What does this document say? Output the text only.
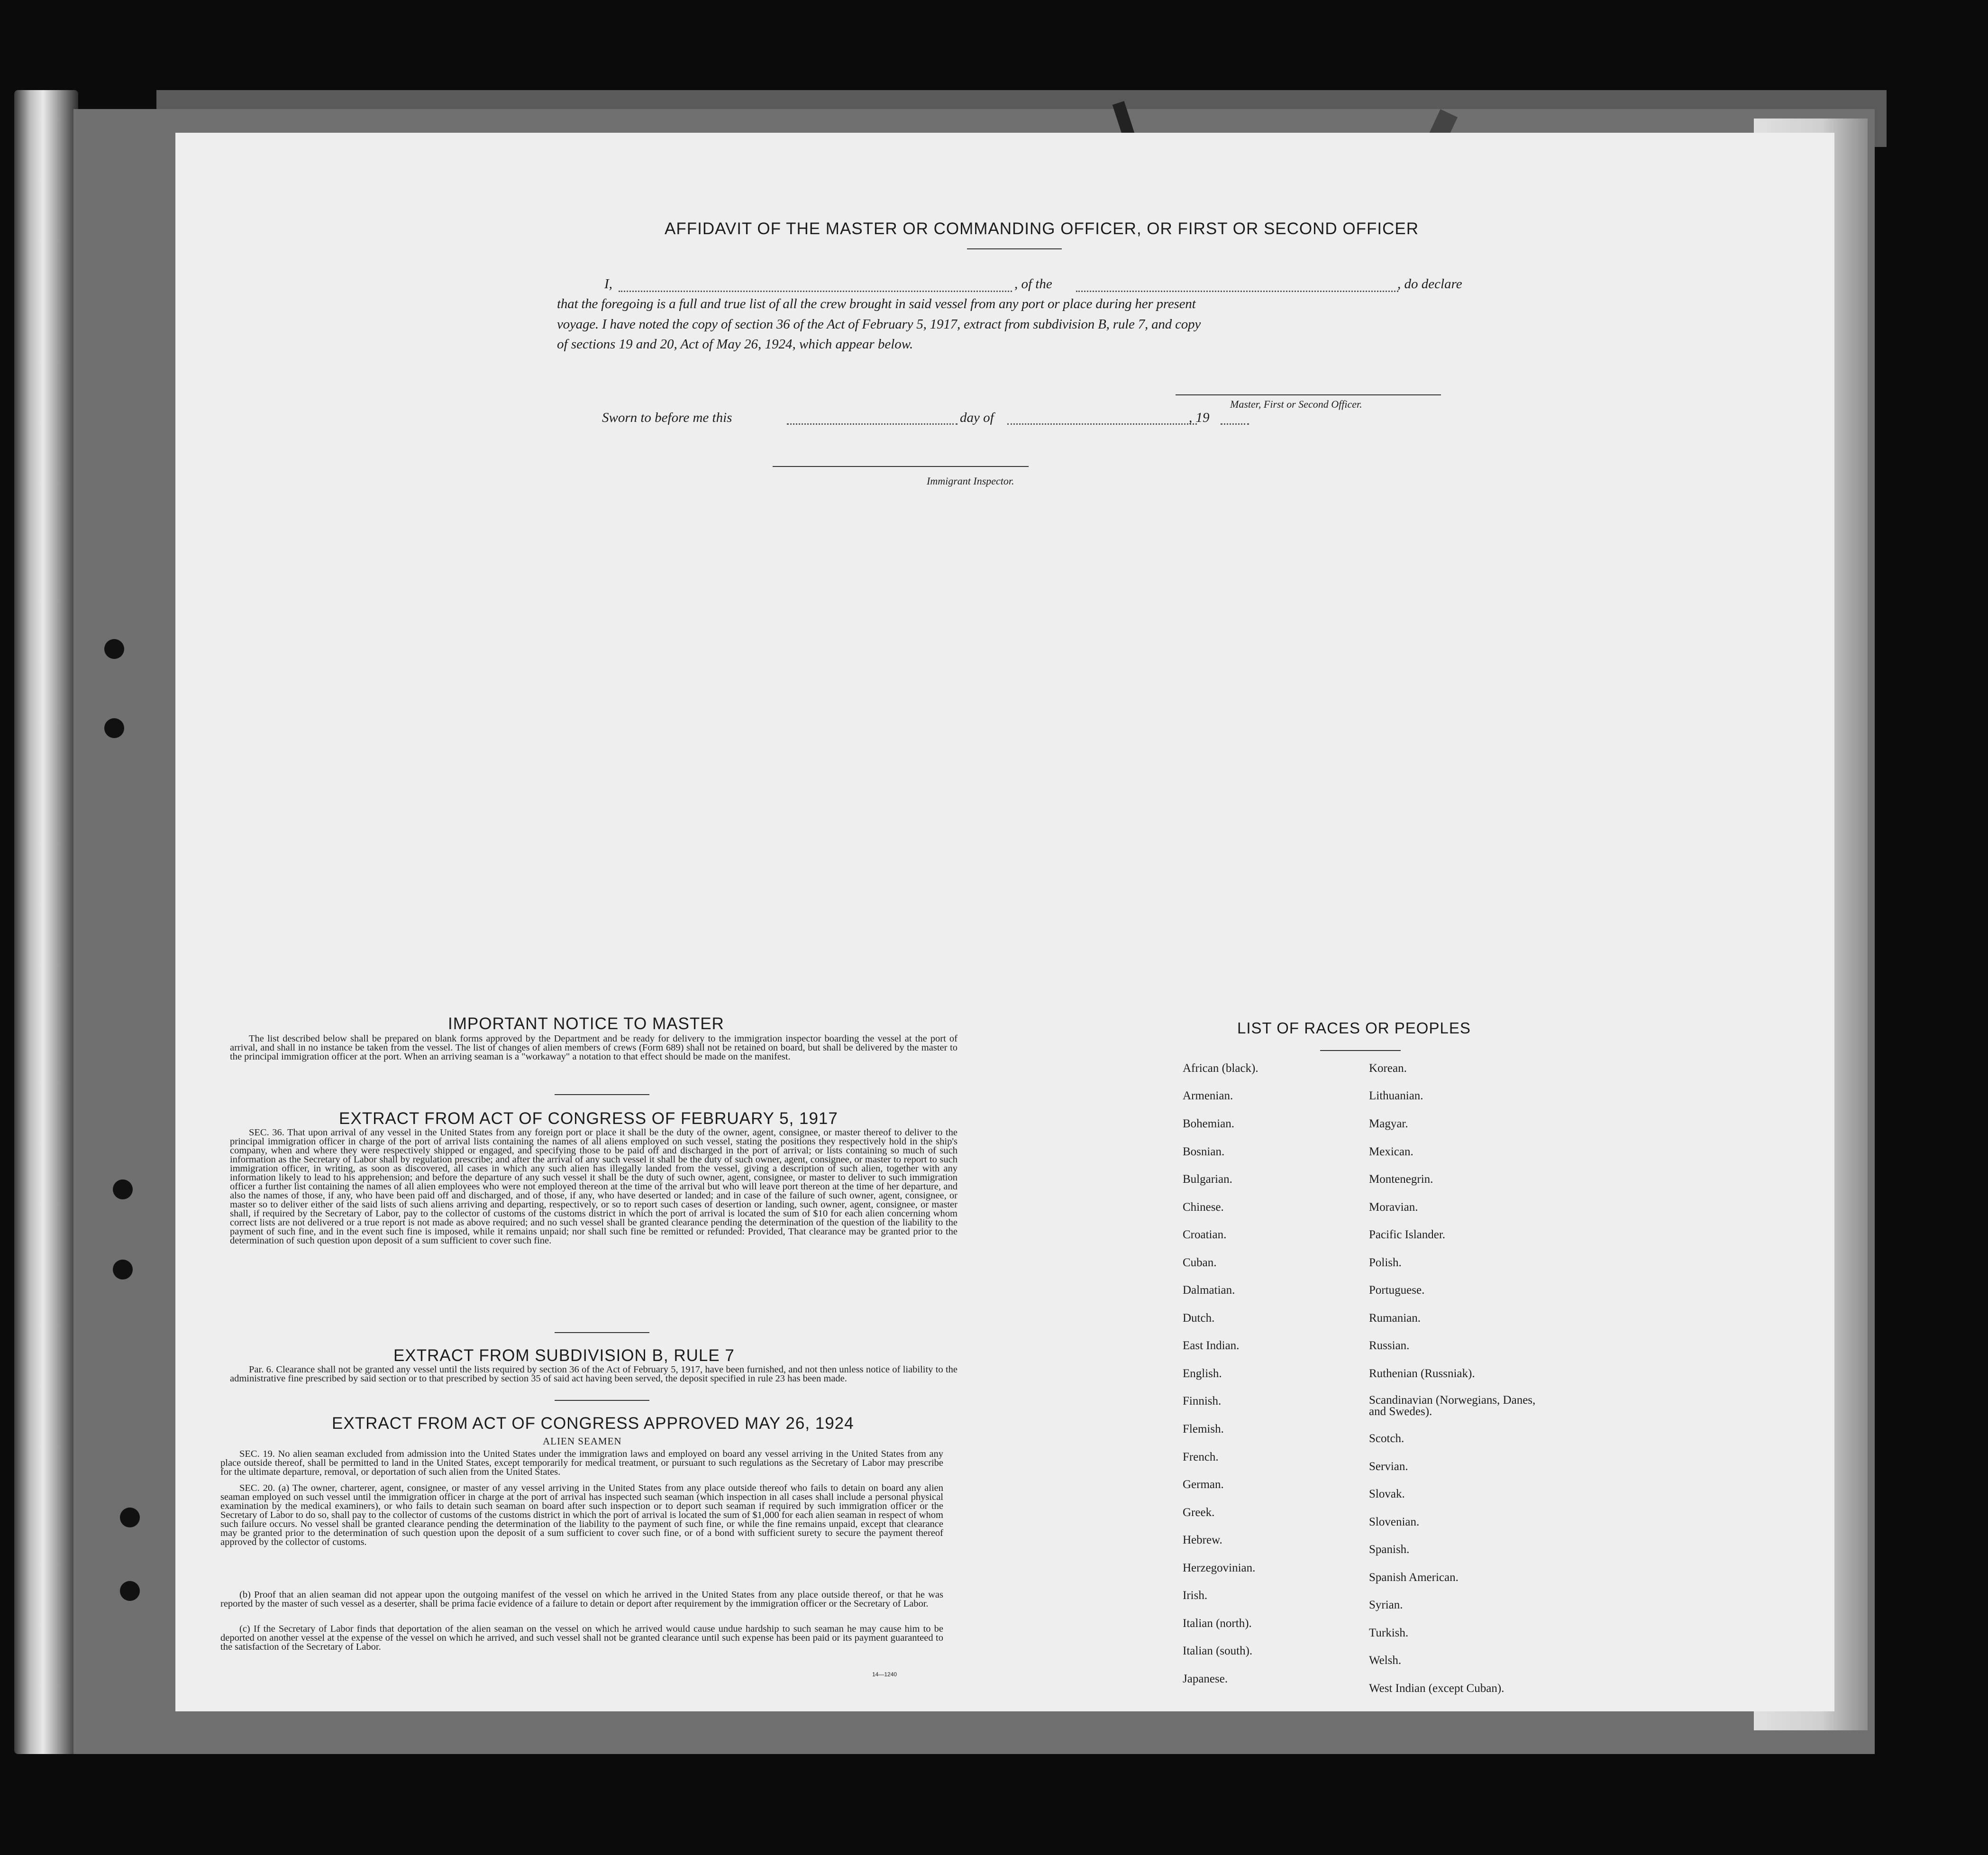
AFFIDAVIT OF THE MASTER OR COMMANDING OFFICER, OR FIRST OR SECOND OFFICER
I,	, of the	, do declare
that the foregoing is a full and true list of all the crew brought in said vessel from any port or place during her present
voyage. I have noted the copy of section 36 of the Act of February 5, 1917, extract from subdivision B, rule 7, and copy
of sections 19 and 20, Act of May 26, 1924, which appear below.
Master, First or Second Officer.
Sworn to before me this	day of	, 19
Immigrant Inspector.
IMPORTANT NOTICE TO MASTER

The list described below shall be prepared on blank forms approved by the Department and be ready for delivery to the immigration inspector boarding the vessel at the port of arrival, and shall in no instance be taken from the vessel. The list of changes of alien members of crews (Form 689) shall not be retained on board, but shall be delivered by the master to the principal immigration officer at the port. When an arriving seaman is a "workaway" a notation to that effect should be made on the manifest.

EXTRACT FROM ACT OF CONGRESS OF FEBRUARY 5, 1917

SEC. 36. That upon arrival of any vessel in the United States from any foreign port or place it shall be the duty of the owner, agent, consignee, or master thereof to deliver to the principal immigration officer in charge of the port of arrival lists containing the names of all aliens employed on such vessel, stating the positions they respectively hold in the ship's company, when and where they were respectively shipped or engaged, and specifying those to be paid off and discharged in the port of arrival; or lists containing so much of such information as the Secretary of Labor shall by regulation prescribe; and after the arrival of any such vessel it shall be the duty of such owner, agent, consignee, or master to report to such immigration officer, in writing, as soon as discovered, all cases in which any such alien has illegally landed from the vessel, giving a description of such alien, together with any information likely to lead to his apprehension; and before the departure of any such vessel it shall be the duty of such owner, agent, consignee, or master to deliver to such immigration officer a further list containing the names of all alien employees who were not employed thereon at the time of the arrival but who will leave port thereon at the time of her departure, and also the names of those, if any, who have been paid off and discharged, and of those, if any, who have deserted or landed; and in case of the failure of such owner, agent, consignee, or master so to deliver either of the said lists of such aliens arriving and departing, respectively, or so to report such cases of desertion or landing, such owner, agent, consignee, or master shall, if required by the Secretary of Labor, pay to the collector of customs of the customs district in which the port of arrival is located the sum of $10 for each alien concerning whom correct lists are not delivered or a true report is not made as above required; and no such vessel shall be granted clearance pending the determination of the question of the liability to the payment of such fine, and in the event such fine is imposed, while it remains unpaid; nor shall such fine be remitted or refunded: Provided, That clearance may be granted prior to the determination of such question upon deposit of a sum sufficient to cover such fine.

EXTRACT FROM SUBDIVISION B, RULE 7

Par. 6. Clearance shall not be granted any vessel until the lists required by section 36 of the Act of February 5, 1917, have been furnished, and not then unless notice of liability to the administrative fine prescribed by said section or to that prescribed by section 35 of said act having been served, the deposit specified in rule 23 has been made.

EXTRACT FROM ACT OF CONGRESS APPROVED MAY 26, 1924
ALIEN SEAMEN

SEC. 19. No alien seaman excluded from admission into the United States under the immigration laws and employed on board any vessel arriving in the United States from any place outside thereof, shall be permitted to land in the United States, except temporarily for medical treatment, or pursuant to such regulations as the Secretary of Labor may prescribe for the ultimate departure, removal, or deportation of such alien from the United States.

SEC. 20. (a) The owner, charterer, agent, consignee, or master of any vessel arriving in the United States from any place outside thereof who fails to detain on board any alien seaman employed on such vessel until the immigration officer in charge at the port of arrival has inspected such seaman (which inspection in all cases shall include a personal physical examination by the medical examiners), or who fails to detain such seaman on board after such inspection or to deport such seaman if required by such immigration officer or the Secretary of Labor to do so, shall pay to the collector of customs of the customs district in which the port of arrival is located the sum of $1,000 for each alien seaman in respect of whom such failure occurs. No vessel shall be granted clearance pending the determination of the liability to the payment of such fine, or while the fine remains unpaid, except that clearance may be granted prior to the determination of such question upon the deposit of a sum sufficient to cover such fine, or of a bond with sufficient surety to secure the payment thereof approved by the collector of customs.

(b) Proof that an alien seaman did not appear upon the outgoing manifest of the vessel on which he arrived in the United States from any place outside thereof, or that he was reported by the master of such vessel as a deserter, shall be prima facie evidence of a failure to detain or deport after requirement by the immigration officer or the Secretary of Labor.

(c) If the Secretary of Labor finds that deportation of the alien seaman on the vessel on which he arrived would cause undue hardship to such seaman he may cause him to be deported on another vessel at the expense of the vessel on which he arrived, and such vessel shall not be granted clearance until such expense has been paid or its payment guaranteed to the satisfaction of the Secretary of Labor.

14—1240
LIST OF RACES OR PEOPLES
African (black).
Armenian.
Bohemian.
Bosnian.
Bulgarian.
Chinese.
Croatian.
Cuban.
Dalmatian.
Dutch.
East Indian.
English.
Finnish.
Flemish.
French.
German.
Greek.
Hebrew.
Herzegovinian.
Irish.
Italian (north).
Italian (south).
Japanese.
Korean.
Lithuanian.
Magyar.
Mexican.
Montenegrin.
Moravian.
Pacific Islander.
Polish.
Portuguese.
Rumanian.
Russian.
Ruthenian (Russniak).
Scandinavian (Norwegians, Danes, and Swedes).
Scotch.
Servian.
Slovak.
Slovenian.
Spanish.
Spanish American.
Syrian.
Turkish.
Welsh.
West Indian (except Cuban).
